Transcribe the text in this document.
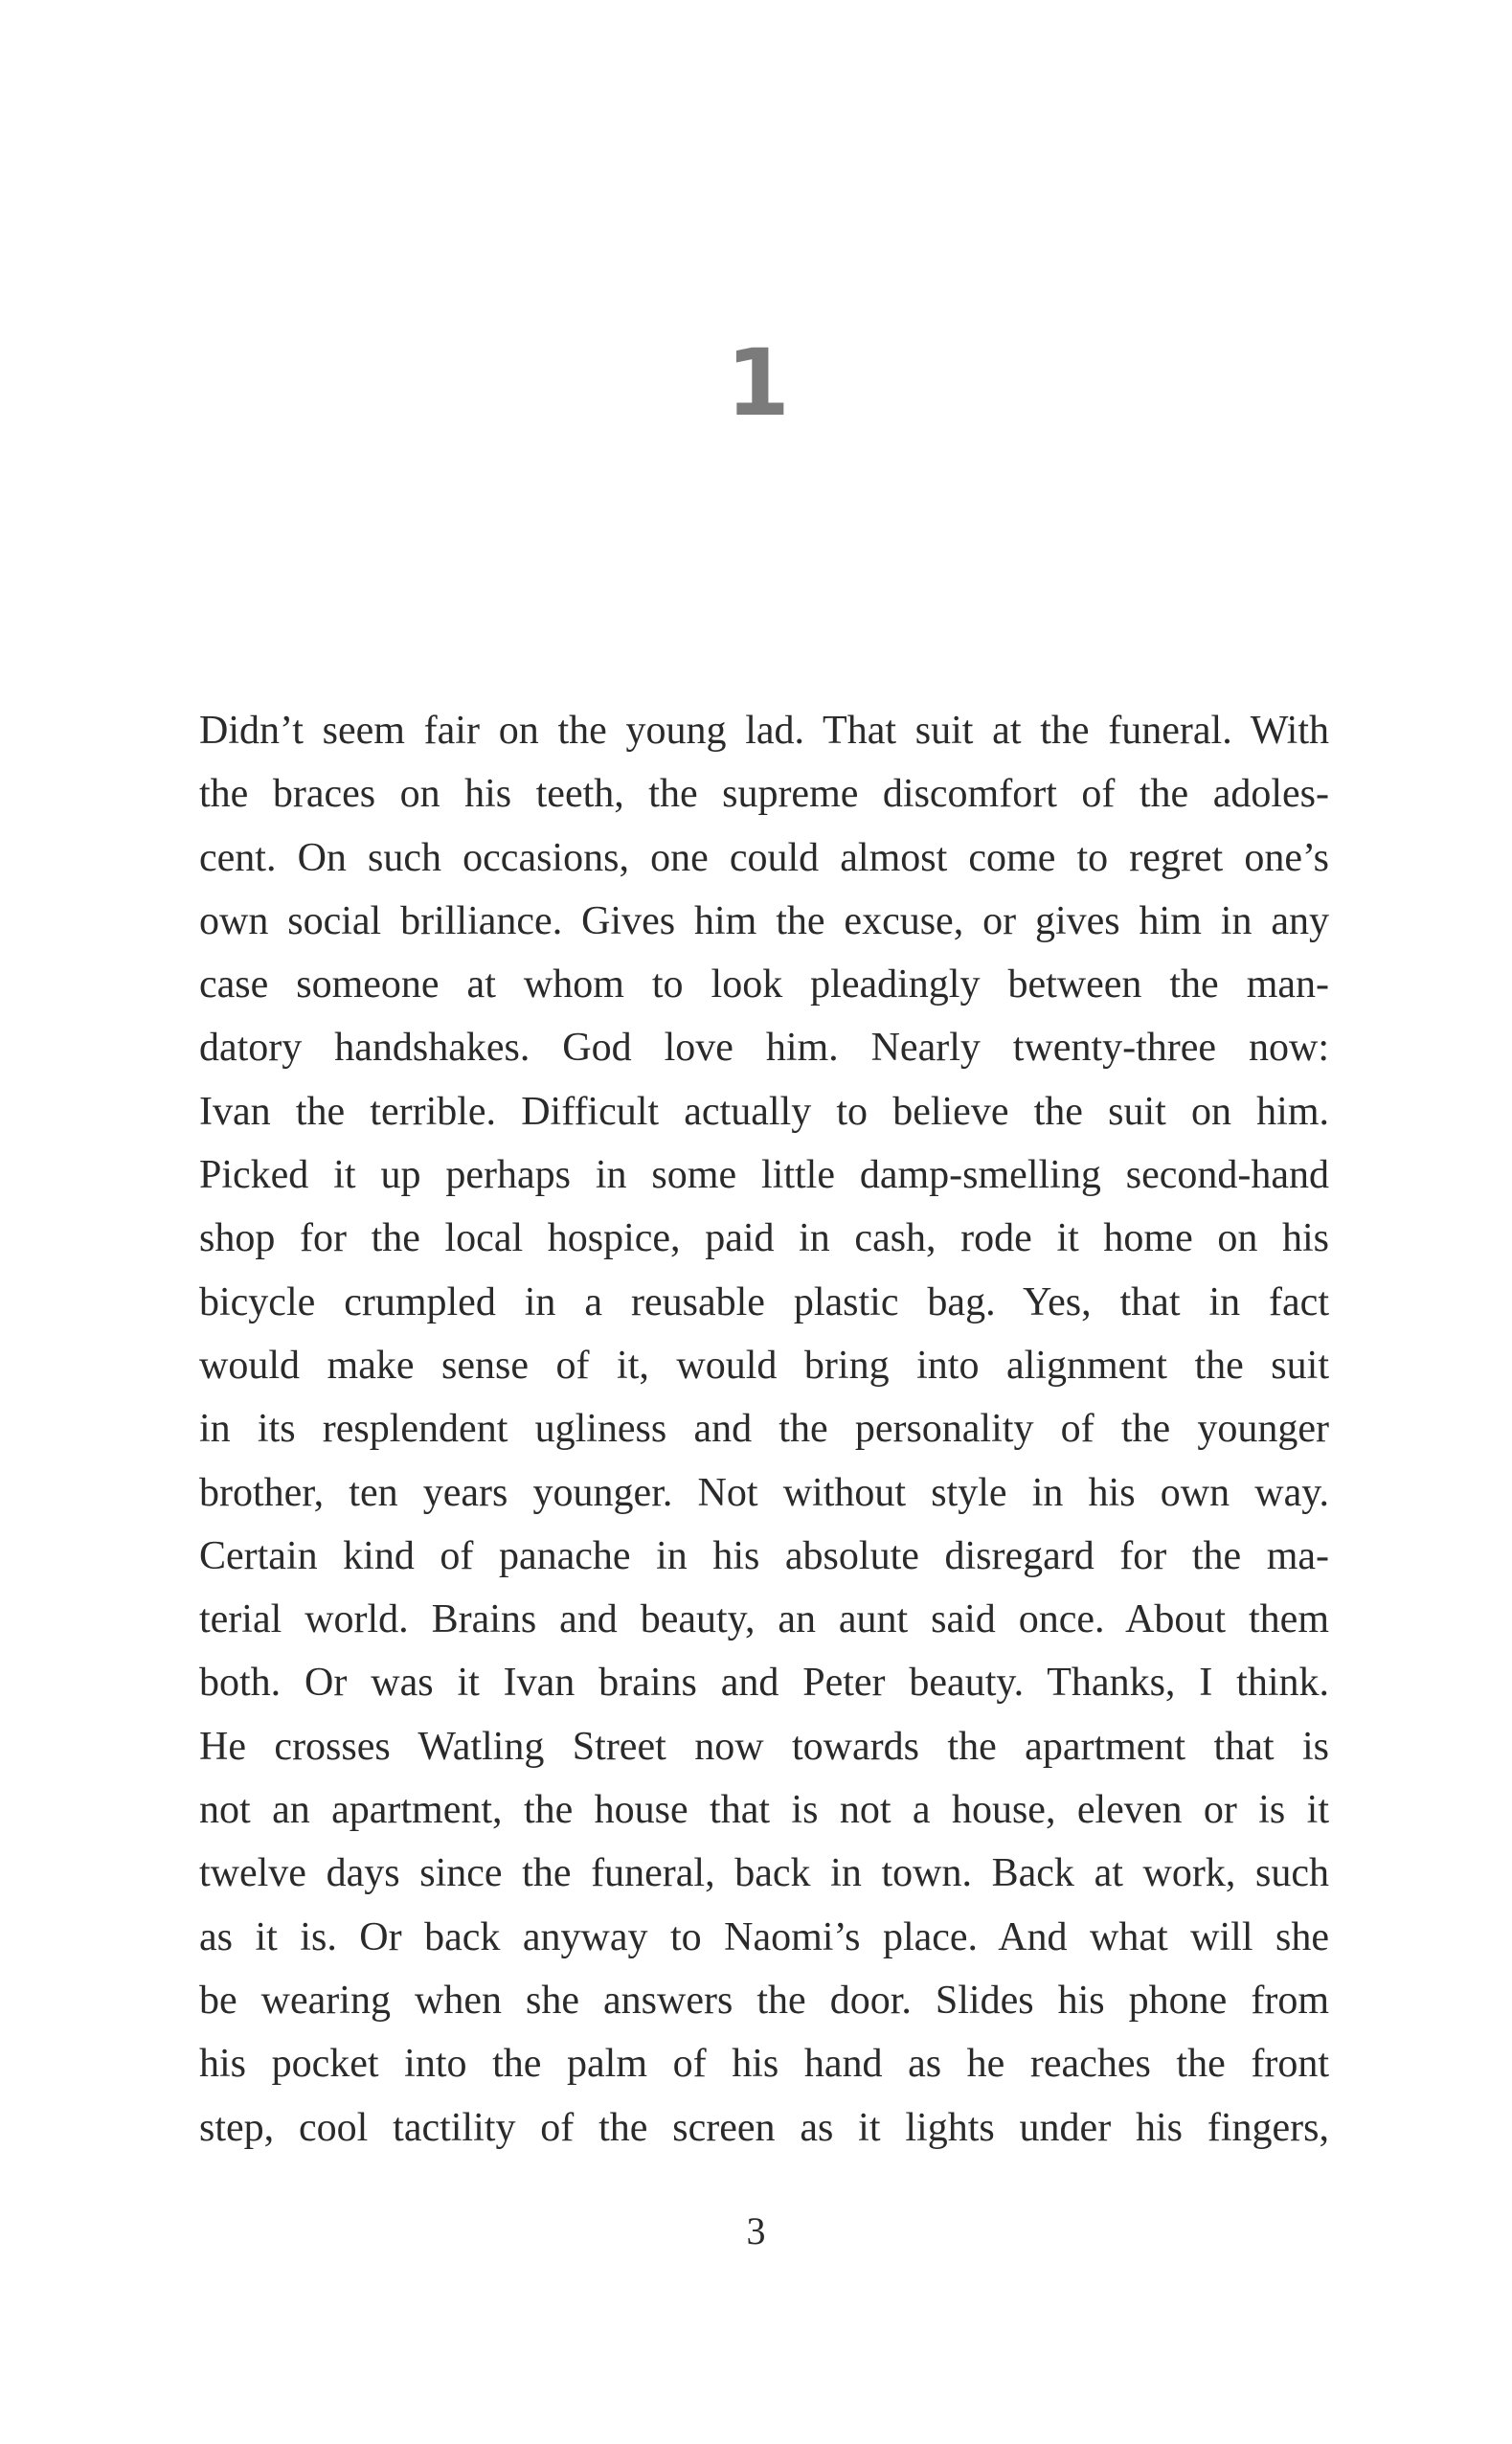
1
Didn’t seem fair on the young lad. That suit at the funeral. With
the braces on his teeth, the supreme discomfort of the adoles-
cent. On such occasions, one could almost come to regret one’s
own social brilliance. Gives him the excuse, or gives him in any
case someone at whom to look pleadingly between the man-
datory handshakes. God love him. Nearly twenty-three now:
Ivan the terrible. Difficult actually to believe the suit on him.
Picked it up perhaps in some little damp-smelling second-hand
shop for the local hospice, paid in cash, rode it home on his
bicycle crumpled in a reusable plastic bag. Yes, that in fact
would make sense of it, would bring into alignment the suit
in its resplendent ugliness and the personality of the younger
brother, ten years younger. Not without style in his own way.
Certain kind of panache in his absolute disregard for the ma-
terial world. Brains and beauty, an aunt said once. About them
both. Or was it Ivan brains and Peter beauty. Thanks, I think.
He crosses Watling Street now towards the apartment that is
not an apartment, the house that is not a house, eleven or is it
twelve days since the funeral, back in town. Back at work, such
as it is. Or back anyway to Naomi’s place. And what will she
be wearing when she answers the door. Slides his phone from
his pocket into the palm of his hand as he reaches the front
step, cool tactility of the screen as it lights under his fingers,
3
